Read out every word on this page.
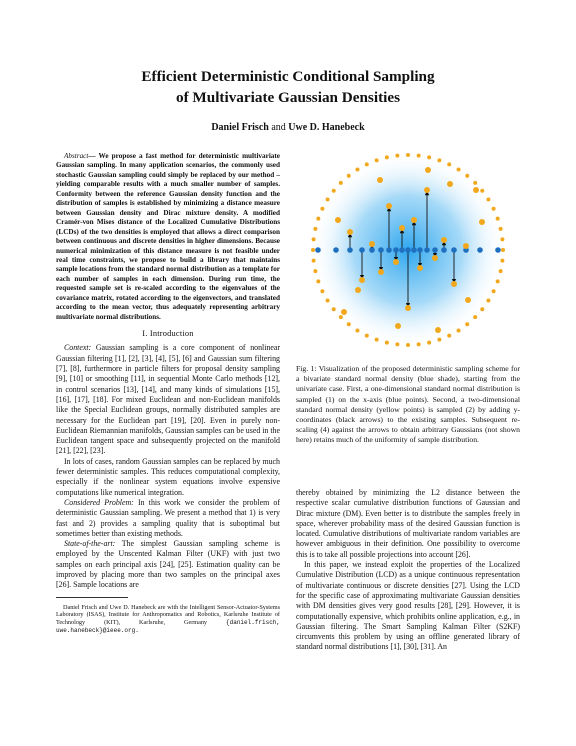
Efficient Deterministic Conditional Sampling
of Multivariate Gaussian Densities
Daniel Frisch and Uwe D. Hanebeck

Abstract— We propose a fast method for deterministic multivariate Gaussian sampling. In many application scenarios, the commonly used stochastic Gaussian sampling could simply be replaced by our method – yielding comparable results with a much smaller number of samples. Conformity between the reference Gaussian density function and the distribution of samples is established by minimizing a distance measure between Gaussian density and Dirac mixture density. A modified Cramér-von Mises distance of the Localized Cumulative Distributions (LCDs) of the two densities is employed that allows a direct comparison between continuous and discrete densities in higher dimensions. Because numerical minimization of this distance measure is not feasible under real time constraints, we propose to build a library that maintains sample locations from the standard normal distribution as a template for each number of samples in each dimension. During run time, the requested sample set is re-scaled according to the eigenvalues of the covariance matrix, rotated according to the eigenvectors, and translated according to the mean vector, thus adequately representing arbitrary multivariate normal distributions.

I. Introduction

Context: Gaussian sampling is a core component of nonlinear Gaussian filtering [1], [2], [3], [4], [5], [6] and Gaussian sum filtering [7], [8], furthermore in particle filters for proposal density sampling [9], [10] or smoothing [11], in sequential Monte Carlo methods [12], in control scenarios [13], [14], and many kinds of simulations [15], [16], [17], [18]. For mixed Euclidean and non-Euclidean manifolds like the Special Euclidean groups, normally distributed samples are necessary for the Euclidean part [19], [20]. Even in purely non-Euclidean Riemannian manifolds, Gaussian samples can be used in the Euclidean tangent space and subsequently projected on the manifold [21], [22], [23].

In lots of cases, random Gaussian samples can be replaced by much fewer deterministic samples. This reduces computational complexity, especially if the nonlinear system equations involve expensive computations like numerical integration.

Considered Problem: In this work we consider the problem of deterministic Gaussian sampling. We present a method that 1) is very fast and 2) provides a sampling quality that is suboptimal but sometimes better than existing methods.

State-of-the-art: The simplest Gaussian sampling scheme is employed by the Unscented Kalman Filter (UKF) with just two samples on each principal axis [24], [25]. Estimation quality can be improved by placing more than two samples on the principal axes [26]. Sample locations are

Daniel Frisch and Uwe D. Hanebeck are with the Intelligent Sensor-Actuator-Systems Laboratory (ISAS), Institute for Anthropomatics and Robotics, Karlsruhe Institute of Technology (KIT), Karlsruhe, Germany	{daniel.frisch, uwe.hanebeck}@ieee.org.

Fig. 1: Visualization of the proposed deterministic sampling scheme for a bivariate standard normal density (blue shade), starting from the univariate case. First, a one-dimensional standard normal distribution is sampled (1) on the x-axis (blue points). Second, a two-dimensional standard normal density (yellow points) is sampled (2) by adding y-coordinates (black arrows) to the existing samples. Subsequent re-scaling (4) against the arrows to obtain arbitrary Gaussians (not shown here) retains much of the uniformity of sample distribution.

thereby obtained by minimizing the L2 distance between the respective scalar cumulative distribution functions of Gaussian and Dirac mixture (DM). Even better is to distribute the samples freely in space, wherever probability mass of the desired Gaussian function is located. Cumulative distributions of multivariate random variables are however ambiguous in their definition. One possibility to overcome this is to take all possible projections into account [26].

In this paper, we instead exploit the properties of the Localized Cumulative Distribution (LCD) as a unique continuous representation of multivariate continuous or discrete densities [27]. Using the LCD for the specific case of approximating multivariate Gaussian densities with DM densities gives very good results [28], [29]. However, it is computationally expensive, which prohibits online application, e.g., in Gaussian filtering. The Smart Sampling Kalman Filter (S2KF) circumvents this problem by using an offline generated library of standard normal distributions [1], [30], [31]. An
